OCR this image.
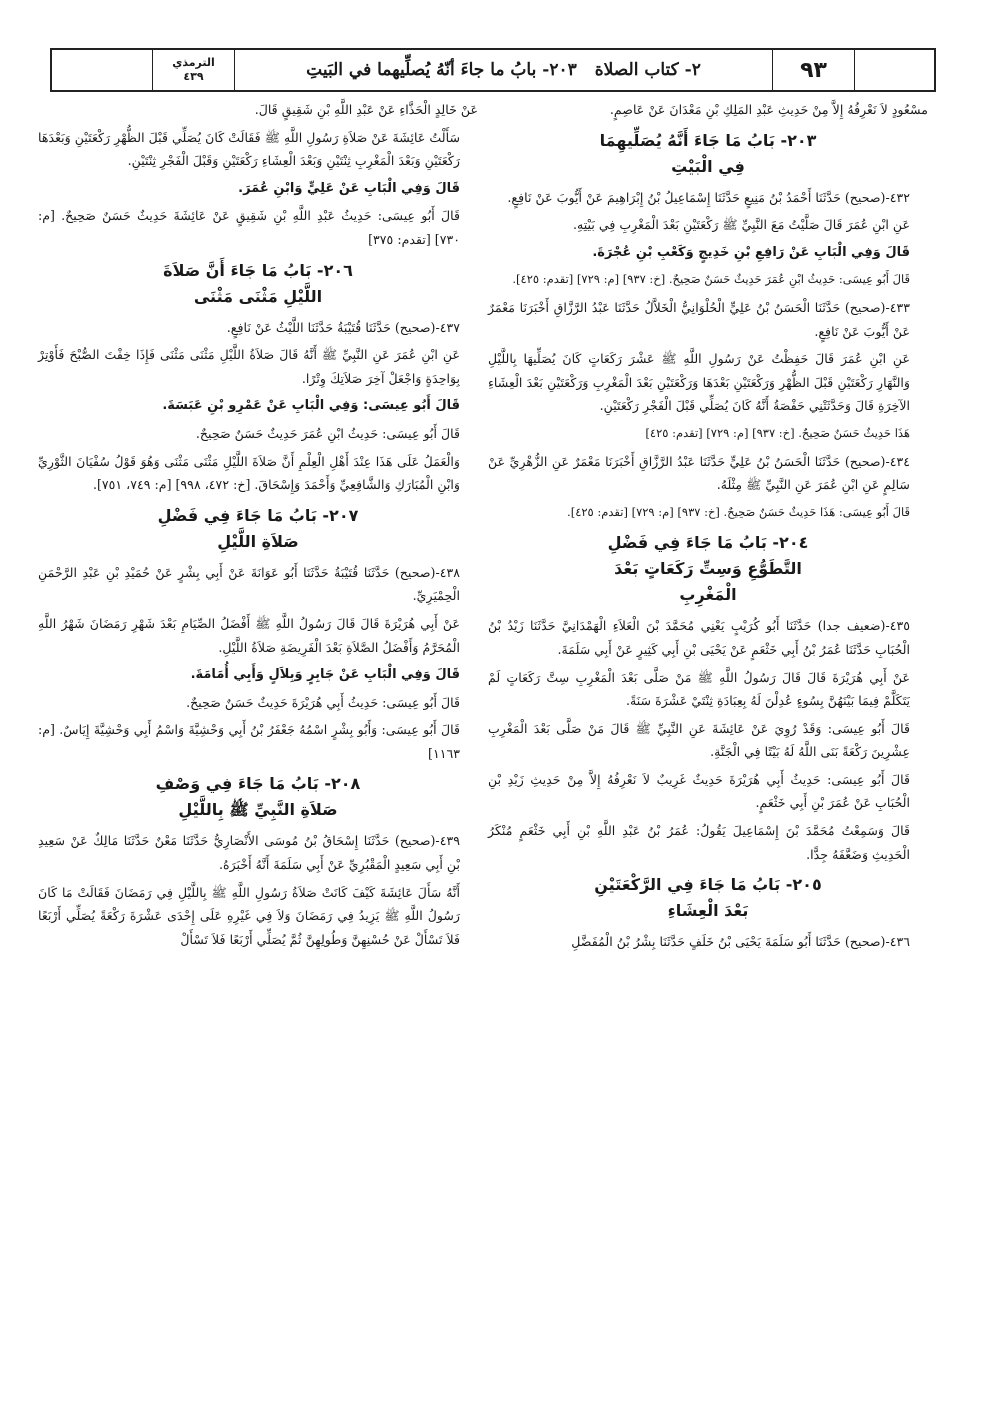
٩٣
٢- كتاب الصلاة
٢٠٣- بابُ ما جاءَ أنّهُ يُصلِّيهما في البَيتِ
الترمذي
٤٣٩

مسْعُودٍ لاَ نَعْرِفُهُ إِلاَّ مِنْ حَدِيثِ عَبْدِ المَلِكِ بْنِ مَعْدَانَ عَنْ عَاصِمٍ.

٢٠٣- بَابُ مَا جَاءَ أَنَّهُ يُصَلِّيهِمَا
فِي الْبَيْتِ

٤٣٢-(صحيح) حَدَّثَنَا أَحْمَدُ بْنُ مَنِيعٍ حَدَّثَنَا إِسْمَاعِيلُ بْنُ إِبْرَاهِيمَ عَنْ أَيُّوبَ عَنْ نَافِعٍ.

عَنِ ابْنِ عُمَرَ قَالَ صَلَّيْتُ مَعَ النَّبِيِّ ﷺ رَكْعَتَيْنِ بَعْدَ الْمَغْرِبِ فِي بَيْتِهِ.

قَالَ وَفِي الْبَابِ عَنْ رَافِعِ بْنِ خَدِيجٍ وَكَعْبِ بْنِ عُجْرَةَ.

قَالَ أَبُو عِيسَى: حَدِيثُ ابْنِ عُمَرَ حَدِيثٌ حَسَنٌ صَحِيحٌ. [خ: ٩٣٧] [م: ٧٢٩] [تقدم: ٤٢٥].

٤٣٣-(صحيح) حَدَّثَنَا الْحَسَنُ بْنُ عَلِيٍّ الْحُلْوَانِيُّ الْخَلاَّلُ حَدَّثَنَا عَبْدُ الرَّزَّاقِ أَخْبَرَنَا مَعْمَرٌ عَنْ أَيُّوبَ عَنْ نَافِعٍ.

عَنِ ابْنِ عُمَرَ قَالَ حَفِظْتُ عَنْ رَسُولِ اللَّهِ ﷺ عَشْرَ رَكَعَاتٍ كَانَ يُصَلِّيهَا بِاللَّيْلِ وَالنَّهَارِ رَكْعَتَيْنِ قَبْلَ الظُّهْرِ وَرَكْعَتَيْنِ بَعْدَهَا وَرَكْعَتَيْنِ بَعْدَ الْمَغْرِبِ وَرَكْعَتَيْنِ بَعْدَ الْعِشَاءِ الآخِرَةِ قَالَ وَحَدَّثَتْنِي حَفْصَةُ أَنَّهُ كَانَ يُصَلِّي قَبْلَ الْفَجْرِ رَكْعَتَيْنِ.

هَذَا حَدِيثٌ حَسَنٌ صَحِيحٌ. [خ: ٩٣٧] [م: ٧٢٩] [تقدم: ٤٢٥]

٤٣٤-(صحيح) حَدَّثَنَا الْحَسَنُ بْنُ عَلِيٍّ حَدَّثَنَا عَبْدُ الرَّزَّاقِ أَخْبَرَنَا مَعْمَرٌ عَنِ الزُّهْرِيِّ عَنْ سَالِمٍ عَنِ ابْنِ عُمَرَ عَنِ النَّبِيِّ ﷺ مِثْلَهُ.

قَالَ أَبُو عِيسَى: هَذَا حَدِيثٌ حَسَنٌ صَحِيحٌ. [خ: ٩٣٧] [م: ٧٢٩] [تقدم: ٤٢٥].

٢٠٤- بَابُ مَا جَاءَ فِي فَضْلِ
التَّطَوُّعِ وَسِتِّ رَكَعَاتٍ بَعْدَ
الْمَغْرِبِ

٤٣٥-(ضعيف جدا) حَدَّثَنَا أَبُو كُرَيْبٍ يَعْنِي مُحَمَّدَ بْنَ الْعَلاَءِ الْهَمْدَانِيَّ حَدَّثَنَا زَيْدُ بْنُ الْحُبَابِ حَدَّثَنَا عُمَرُ بْنُ أَبِي خَثْعَمٍ عَنْ يَحْيَى بْنِ أَبِي كَثِيرٍ عَنْ أَبِي سَلَمَةَ.

عَنْ أَبِي هُرَيْرَةَ قَالَ قَالَ رَسُولُ اللَّهِ ﷺ مَنْ صَلَّى بَعْدَ الْمَغْرِبِ سِتَّ رَكَعَاتٍ لَمْ يَتَكَلَّمْ فِيمَا بَيْنَهُنَّ بِسُوءٍ عُدِلْنَ لَهُ بِعِبَادَةِ ثِنْتَيْ عَشْرَةَ سَنَةً.

قَالَ أَبُو عِيسَى: وَقَدْ رُوِيَ عَنْ عَائِشَةَ عَنِ النَّبِيِّ ﷺ قَالَ مَنْ صَلَّى بَعْدَ الْمَغْرِبِ عِشْرِينَ رَكْعَةً بَنَى اللَّهُ لَهُ بَيْتًا فِي الْجَنَّةِ.

قَالَ أَبُو عِيسَى: حَدِيثُ أَبِي هُرَيْرَةَ حَدِيثٌ غَرِيبٌ لاَ نَعْرِفُهُ إِلاَّ مِنْ حَدِيثِ زَيْدِ بْنِ الْحُبَابِ عَنْ عُمَرَ بْنِ أَبِي خَثْعَمٍ.

قَالَ وَسَمِعْتُ مُحَمَّدَ بْنَ إِسْمَاعِيلَ يَقُولُ: عُمَرُ بْنُ عَبْدِ اللَّهِ بْنِ أَبِي خَثْعَمٍ مُنْكَرُ الْحَدِيثِ وَضَعَّفَهُ جِدًّا.

٢٠٥- بَابُ مَا جَاءَ فِي الرَّكْعَتَيْنِ
بَعْدَ الْعِشَاءِ

٤٣٦-(صحيح) حَدَّثَنَا أَبُو سَلَمَةَ يَحْيَى بْنُ خَلَفٍ حَدَّثَنَا بِشْرُ بْنُ الْمُفَضَّلِ

عَنْ خَالِدٍ الْحَذَّاءِ عَنْ عَبْدِ اللَّهِ بْنِ شَقِيقٍ قَالَ.

سَأَلْتُ عَائِشَةَ عَنْ صَلاَةِ رَسُولِ اللَّهِ ﷺ فَقَالَتْ كَانَ يُصَلِّي قَبْلَ الظُّهْرِ رَكْعَتَيْنِ وَبَعْدَهَا رَكْعَتَيْنِ وَبَعْدَ الْمَغْرِبِ ثِنْتَيْنِ وَبَعْدَ الْعِشَاءِ رَكْعَتَيْنِ وَقَبْلَ الْفَجْرِ ثِنْتَيْنِ.

قَالَ وَفِي الْبَابِ عَنْ عَلِيٍّ وَابْنِ عُمَرَ.

قَالَ أَبُو عِيسَى: حَدِيثُ عَبْدِ اللَّهِ بْنِ شَقِيقٍ عَنْ عَائِشَةَ حَدِيثٌ حَسَنٌ صَحِيحٌ. [م: ٧٣٠] [تقدم: ٣٧٥]

٢٠٦- بَابُ مَا جَاءَ أَنَّ صَلاَةَ
اللَّيْلِ مَثْنَى مَثْنَى

٤٣٧-(صحيح) حَدَّثَنَا قُتَيْبَةُ حَدَّثَنَا اللَّيْثُ عَنْ نَافِعٍ.

عَنِ ابْنِ عُمَرَ عَنِ النَّبِيِّ ﷺ أَنَّهُ قَالَ صَلاَةُ اللَّيْلِ مَثْنَى مَثْنَى فَإِذَا خِفْتَ الصُّبْحَ فَأَوْتِرْ بِوَاحِدَةٍ وَاجْعَلْ آخِرَ صَلاَتِكَ وِتْرًا.

قَالَ أَبُو عِيسَى: وَفِي الْبَابِ عَنْ عَمْرِو بْنِ عَبَسَةَ.

قَالَ أَبُو عِيسَى: حَدِيثُ ابْنِ عُمَرَ حَدِيثٌ حَسَنٌ صَحِيحٌ.

وَالْعَمَلُ عَلَى هَذَا عِنْدَ أَهْلِ الْعِلْمِ أَنَّ صَلاَةَ اللَّيْلِ مَثْنَى مَثْنَى وَهُوَ قَوْلُ سُفْيَانَ الثَّوْرِيِّ وَابْنِ الْمُبَارَكِ وَالشَّافِعِيِّ وَأَحْمَدَ وَإِسْحَاقَ. [خ: ٤٧٢، ٩٩٨] [م: ٧٤٩، ٧٥١].

٢٠٧- بَابُ مَا جَاءَ فِي فَضْلِ
صَلاَةِ اللَّيْلِ

٤٣٨-(صحيح) حَدَّثَنَا قُتَيْبَةُ حَدَّثَنَا أَبُو عَوَانَةَ عَنْ أَبِي بِشْرٍ عَنْ حُمَيْدِ بْنِ عَبْدِ الرَّحْمَنِ الْحِمْيَرِيِّ.

عَنْ أَبِي هُرَيْرَةَ قَالَ قَالَ رَسُولُ اللَّهِ ﷺ أَفْضَلُ الصِّيَامِ بَعْدَ شَهْرِ رَمَضَانَ شَهْرُ اللَّهِ الْمُحَرَّمُ وَأَفْضَلُ الصَّلاَةِ بَعْدَ الْفَرِيضَةِ صَلاَةُ اللَّيْلِ.

قَالَ وَفِي الْبَابِ عَنْ جَابِرٍ وَبِلاَلٍ وَأَبِي أُمَامَةَ.

قَالَ أَبُو عِيسَى: حَدِيثُ أَبِي هُرَيْرَةَ حَدِيثٌ حَسَنٌ صَحِيحٌ.

قَالَ أَبُو عِيسَى: وَأَبُو بِشْرٍ اسْمُهُ جَعْفَرُ بْنُ أَبِي وَحْشِيَّةَ وَاسْمُ أَبِي وَحْشِيَّةَ إِيَاسٌ. [م: ١١٦٣]

٢٠٨- بَابُ مَا جَاءَ فِي وَصْفِ
صَلاَةِ النَّبِيِّ ﷺ بِاللَّيْلِ

٤٣٩-(صحيح) حَدَّثَنَا إِسْحَاقُ بْنُ مُوسَى الأَنْصَارِيُّ حَدَّثَنَا مَعْنٌ حَدَّثَنَا مَالِكٌ عَنْ سَعِيدِ بْنِ أَبِي سَعِيدٍ الْمَقْبُرِيِّ عَنْ أَبِي سَلَمَةَ أَنَّهُ أَخْبَرَهُ.

أَنَّهُ سَأَلَ عَائِشَةَ كَيْفَ كَانَتْ صَلاَةُ رَسُولِ اللَّهِ ﷺ بِاللَّيْلِ فِي رَمَضَانَ فَقَالَتْ مَا كَانَ رَسُولُ اللَّهِ ﷺ يَزِيدُ فِي رَمَضَانَ وَلاَ فِي غَيْرِهِ عَلَى إِحْدَى عَشْرَةَ رَكْعَةً يُصَلِّي أَرْبَعًا فَلاَ تَسْأَلْ عَنْ حُسْنِهِنَّ وَطُولِهِنَّ ثُمَّ يُصَلِّي أَرْبَعًا فَلاَ تَسْأَلْ
